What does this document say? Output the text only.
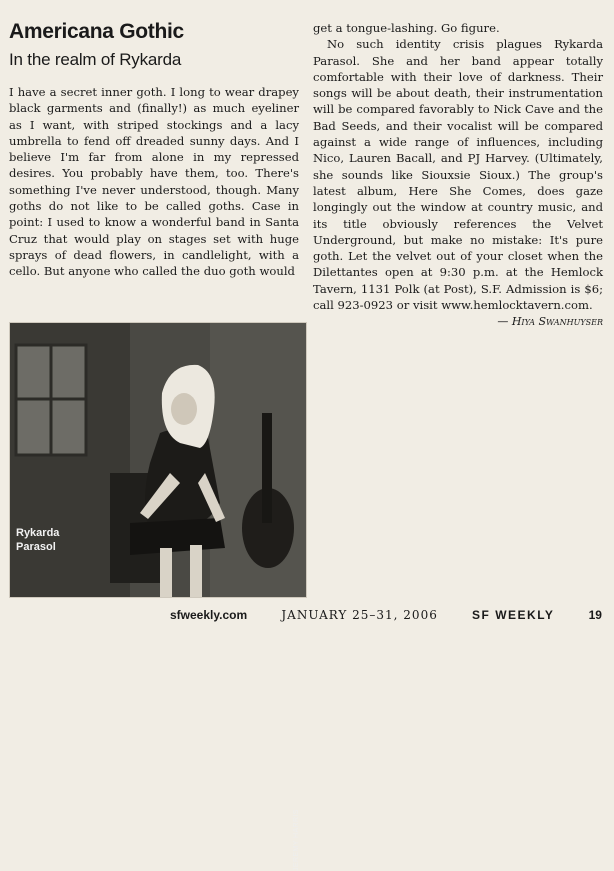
Americana Gothic
In the realm of Rykarda

I have a secret inner goth. I long to wear drapey black garments and (finally!) as much eyeliner as I want, with striped stockings and a lacy umbrella to fend off dreaded sunny days. And I believe I'm far from alone in my repressed desires. You probably have them, too. There's something I've never understood, though. Many goths do not like to be called goths. Case in point: I used to know a wonderful band in Santa Cruz that would play on stages set with huge sprays of dead flowers, in candlelight, with a cello. But anyone who called the duo goth would

get a tongue-lashing. Go figure.

No such identity crisis plagues Rykarda Parasol. She and her band appear totally comfortable with their love of darkness. Their songs will be about death, their instrumentation will be compared favorably to Nick Cave and the Bad Seeds, and their vocalist will be compared against a wide range of influences, including Nico, Lauren Bacall, and PJ Harvey. (Ultimately, she sounds like Siouxsie Sioux.) The group's latest album, Here She Comes, does gaze longingly out the window at country music, and its title obviously references the Velvet Underground, but make no mistake: It's pure goth. Let the velvet out of your closet when the Dilettantes open at 9:30 p.m. at the Hemlock Tavern, 1131 Polk (at Post), S.F. Admission is $6; call 923-0923 or visit www.hemlocktavern.com.

— Hiya Swanhuyser
JEREMY HARRIS
Rykarda Parasol
sfweekly.com	JANUARY 25–31, 2006	SF WEEKLY	19
